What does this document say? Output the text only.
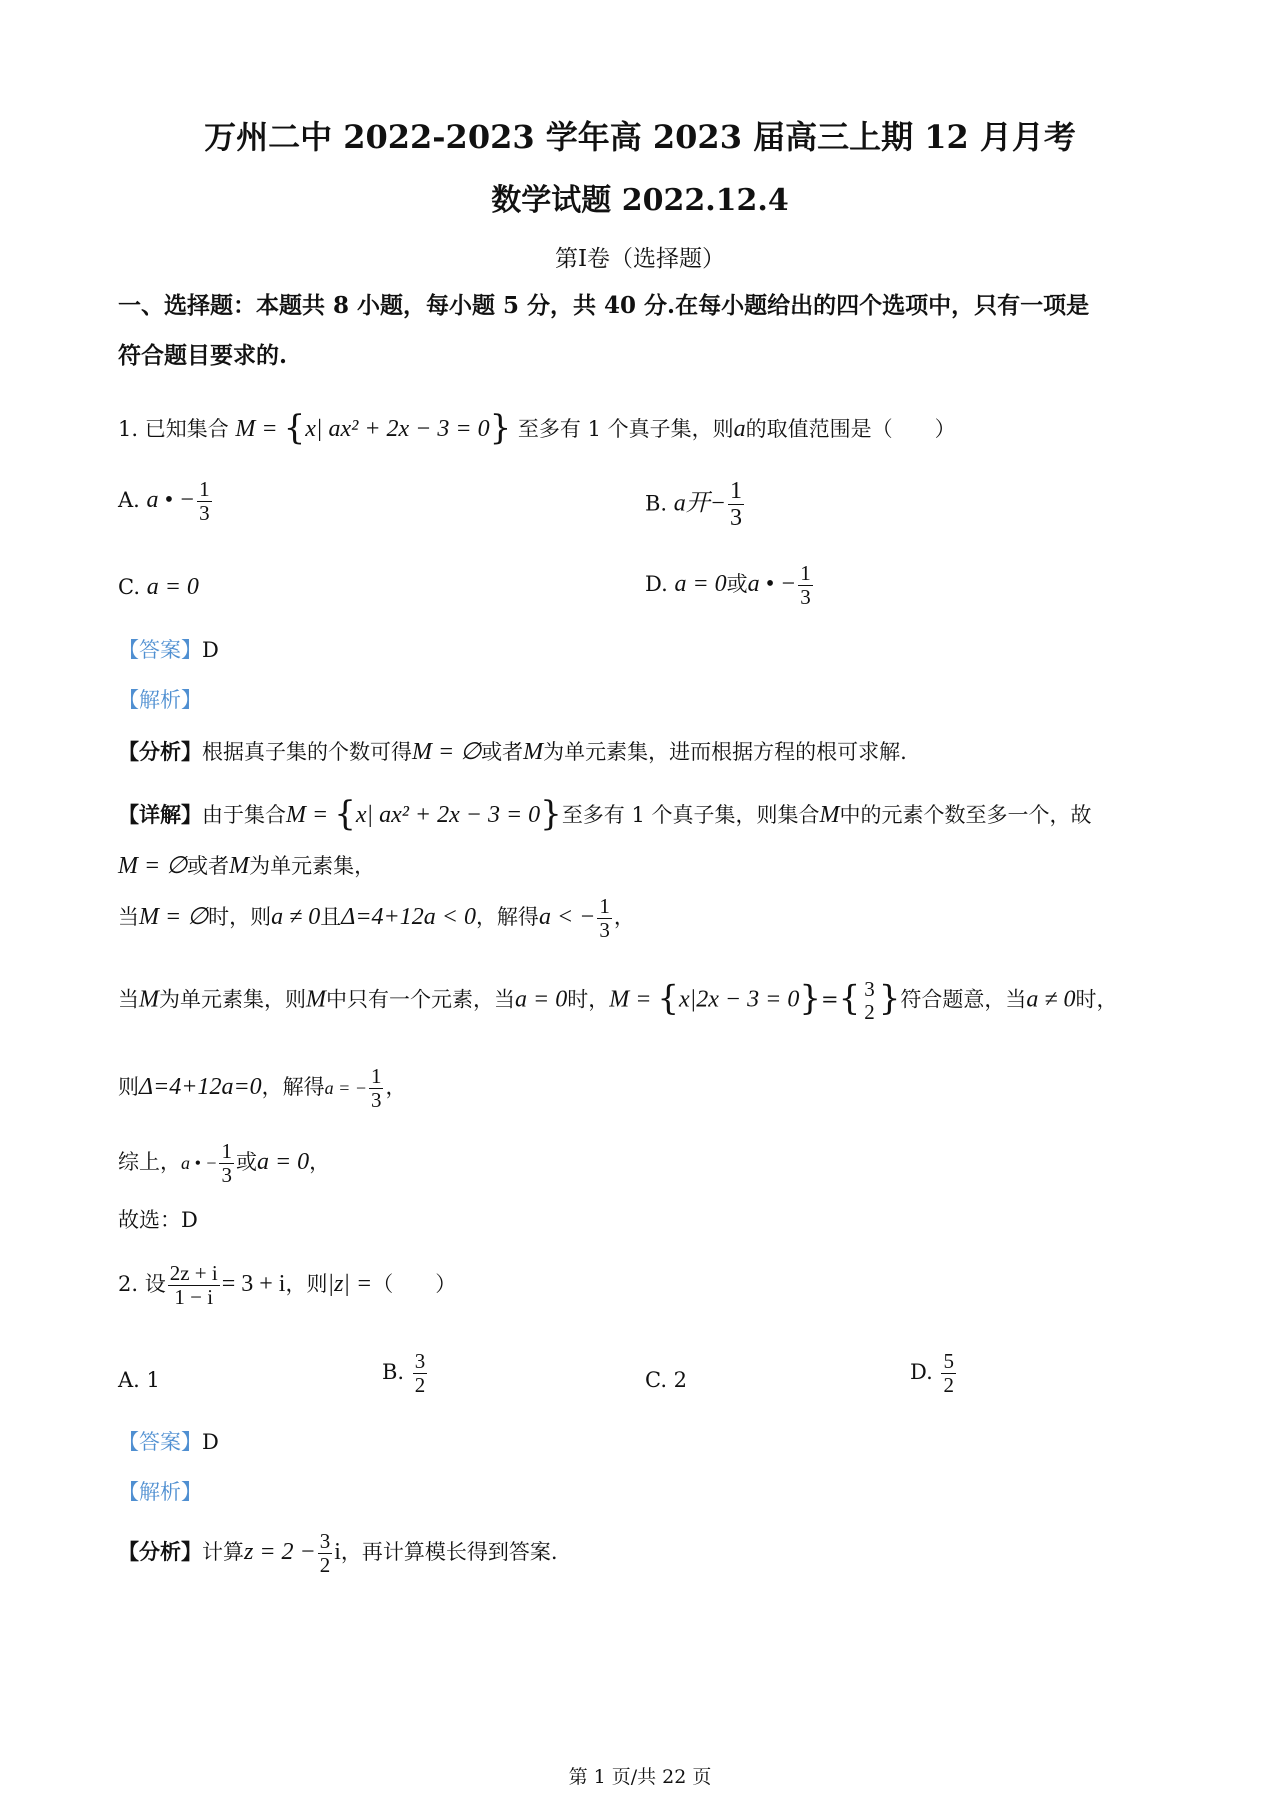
万州二中 2022-2023 学年高 2023 届高三上期 12 月月考
数学试题 2022.12.4
第Ⅰ卷（选择题）
一、选择题：本题共 8 小题，每小题 5 分，共 40 分.在每小题给出的四个选项中，只有一项是
符合题目要求的.
1. 已知集合 M = {x| ax² + 2x − 3 = 0} 至多有 1 个真子集，则a的取值范围是（　　）
A. a • − $\frac{1}{3}$	B. a开− $\frac{1}{3}$
C. a = 0	D. a = 0或a • − $\frac{1}{3}$
【答案】D
【解析】
【分析】根据真子集的个数可得M = ∅或者M为单元素集，进而根据方程的根可求解.
【详解】由于集合M = {x| ax² + 2x − 3 = 0}至多有 1 个真子集，则集合M中的元素个数至多一个，故
M = ∅或者M为单元素集，
当M = ∅时，则a ≠ 0且Δ=4+12a < 0，解得a < − $\frac{1}{3}$ ，
当M为单元素集，则M中只有一个元素，当a = 0时，M = {x|2x − 3 = 0}={ 3
2 }符合题意，当a ≠ 0时，
则Δ=4+12a=0，解得a = − $\frac{1}{3}$ ，
综上，a • − $\frac{1}{3}$ 或a = 0，
故选：D
2. 设 $\frac{2z + i}{1 - i} = 3 + i$，则|z| =（　　）
A. 1	B. $\frac{3}{2}$	C. 2	D. $\frac{5}{2}$
【答案】D
【解析】
【分析】计算$z = 2 - \frac{3}{2}$ i，再计算模长得到答案.
第 1 页/共 22 页
